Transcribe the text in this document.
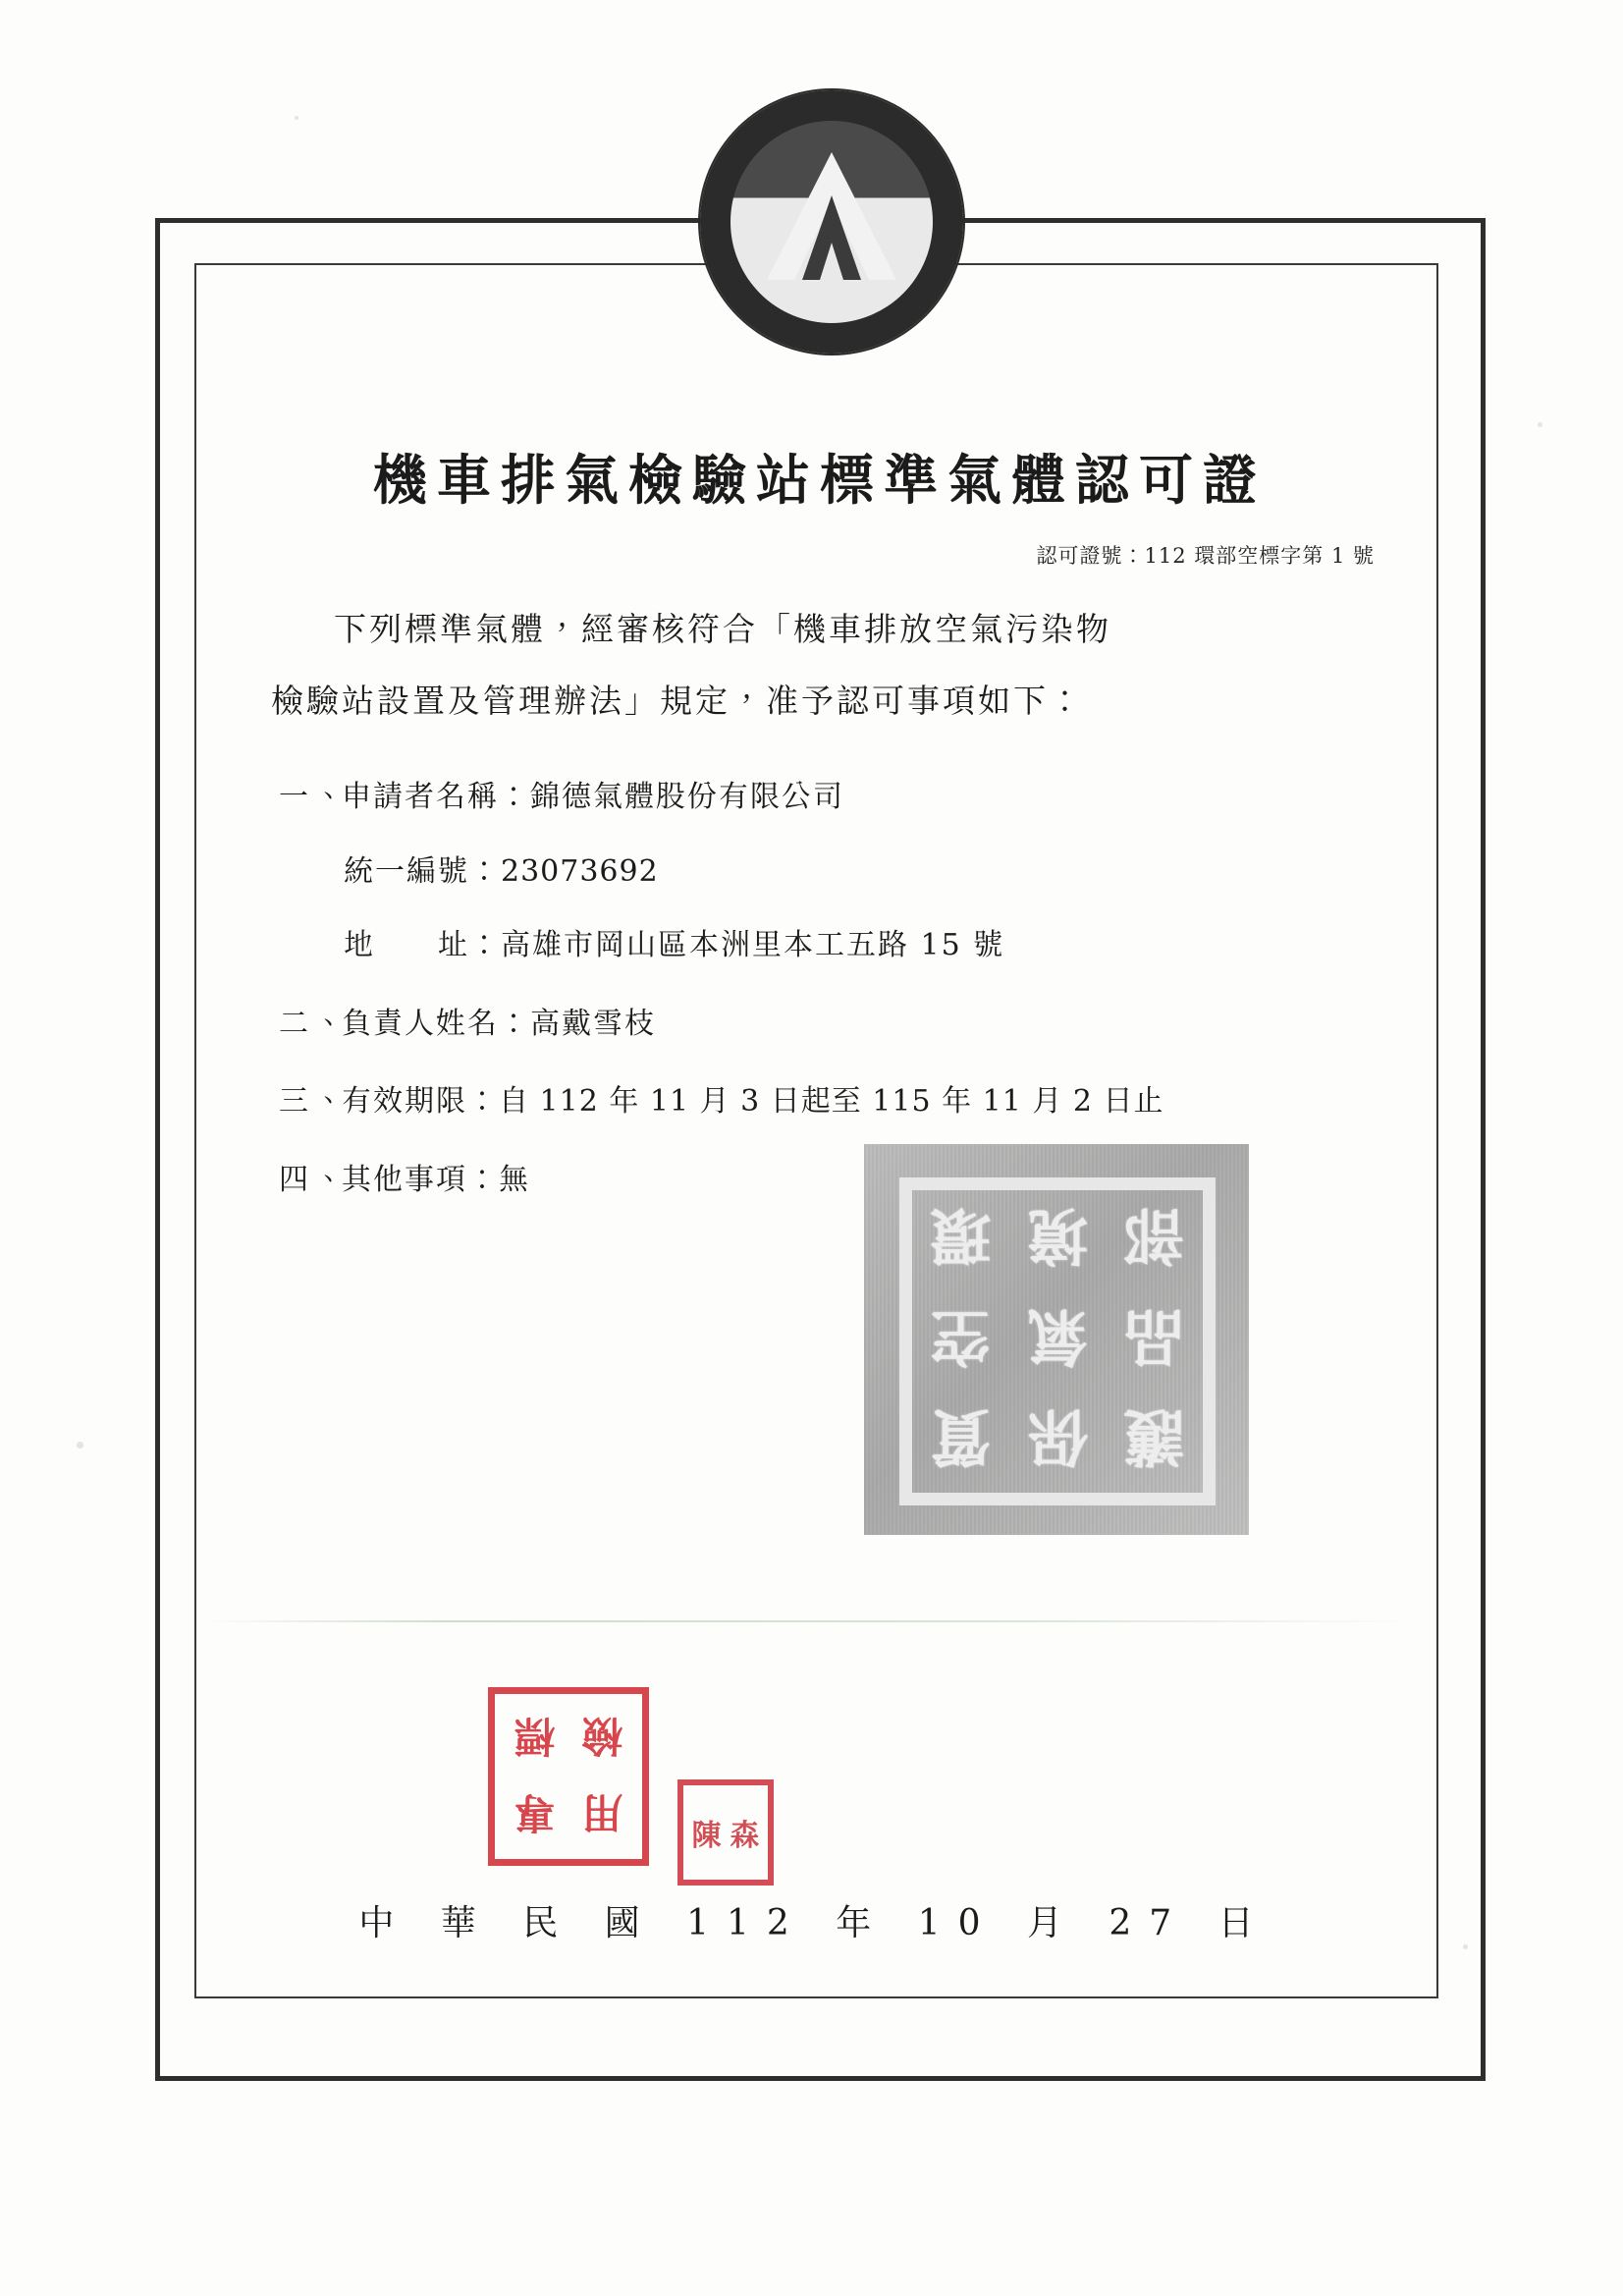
機車排氣檢驗站標準氣體認可證
認可證號：112 環部空標字第 1 號

下列標準氣體，經審核符合「機車排放空氣污染物

檢驗站設置及管理辦法」規定，准予認可事項如下：

一、
申請者名稱：錦德氣體股份有限公司
統一編號：23073692
地　　址：高雄市岡山區本洲里本工五路 15 號
二、
負責人姓名：高戴雪枝
三、
有效期限：自 112 年 11 月 3 日起至 115 年 11 月 2 日止
四、
其他事項：無
環 境 部
空 氣 品
質 保 護
標 檢
專 用	陳 森
中 華 民 國 112 年 10 月 27 日
